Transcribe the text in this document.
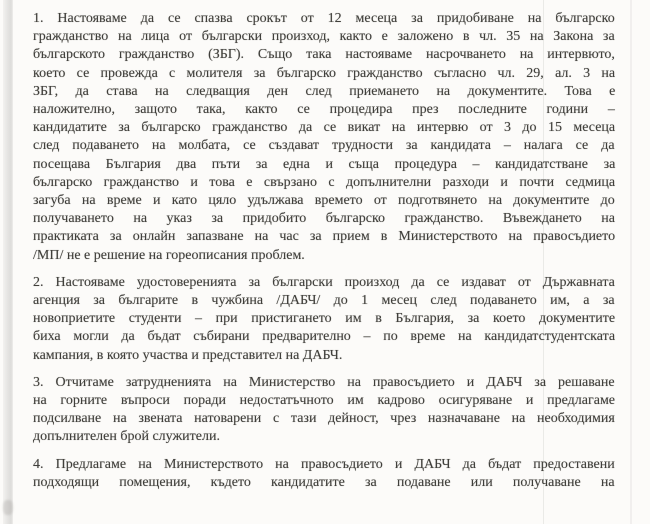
1. Настояваме да се спазва срокът от 12 месеца за придобиване на българско
гражданство на лица от български произход, както е заложено в чл. 35 на Закона за
българското гражданство (ЗБГ). Също така настояваме насрочването на интервюто,
което се провежда с молителя за българско гражданство съгласно чл. 29, ал. 3 на
ЗБГ, да става на следващия ден след приемането на документите. Това е
наложително, защото така, както се процедира през последните години –
кандидатите за българско гражданство да се викат на интервю от 3 до 15 месеца
след подаването на молбата, се създават трудности за кандидата – налага се да
посещава България два пъти за една и съща процедура – кандидатстване за
българско гражданство и това е свързано с допълнителни разходи и почти седмица
загуба на време и като цяло удължава времето от подготвянето на документите до
получаването на указ за придобито българско гражданство. Въвеждането на
практиката за онлайн запазване на час за прием в Министерството на правосъдието
/МП/ не е решение на гореописания проблем.

2. Настояваме удостоверенията за български произход да се издават от Държавната
агенция за българите в чужбина /ДАБЧ/ до 1 месец след подаването им, а за
новоприетите студенти – при пристигането им в България, за което документите
биха могли да бъдат събирани предварително – по време на кандидатстудентската
кампания, в която участва и представител на ДАБЧ.

3. Отчитаме затрудненията на Министерство на правосъдието и ДАБЧ за решаване
на горните въпроси поради недостатъчното им кадрово осигуряване и предлагаме
подсилване на звената натоварени с тази дейност, чрез назначаване на необходимия
допълнителен брой служители.

4. Предлагаме на Министерството на правосъдието и ДАБЧ да бъдат предоставени
подходящи помещения, където кандидатите за подаване или получаване на
